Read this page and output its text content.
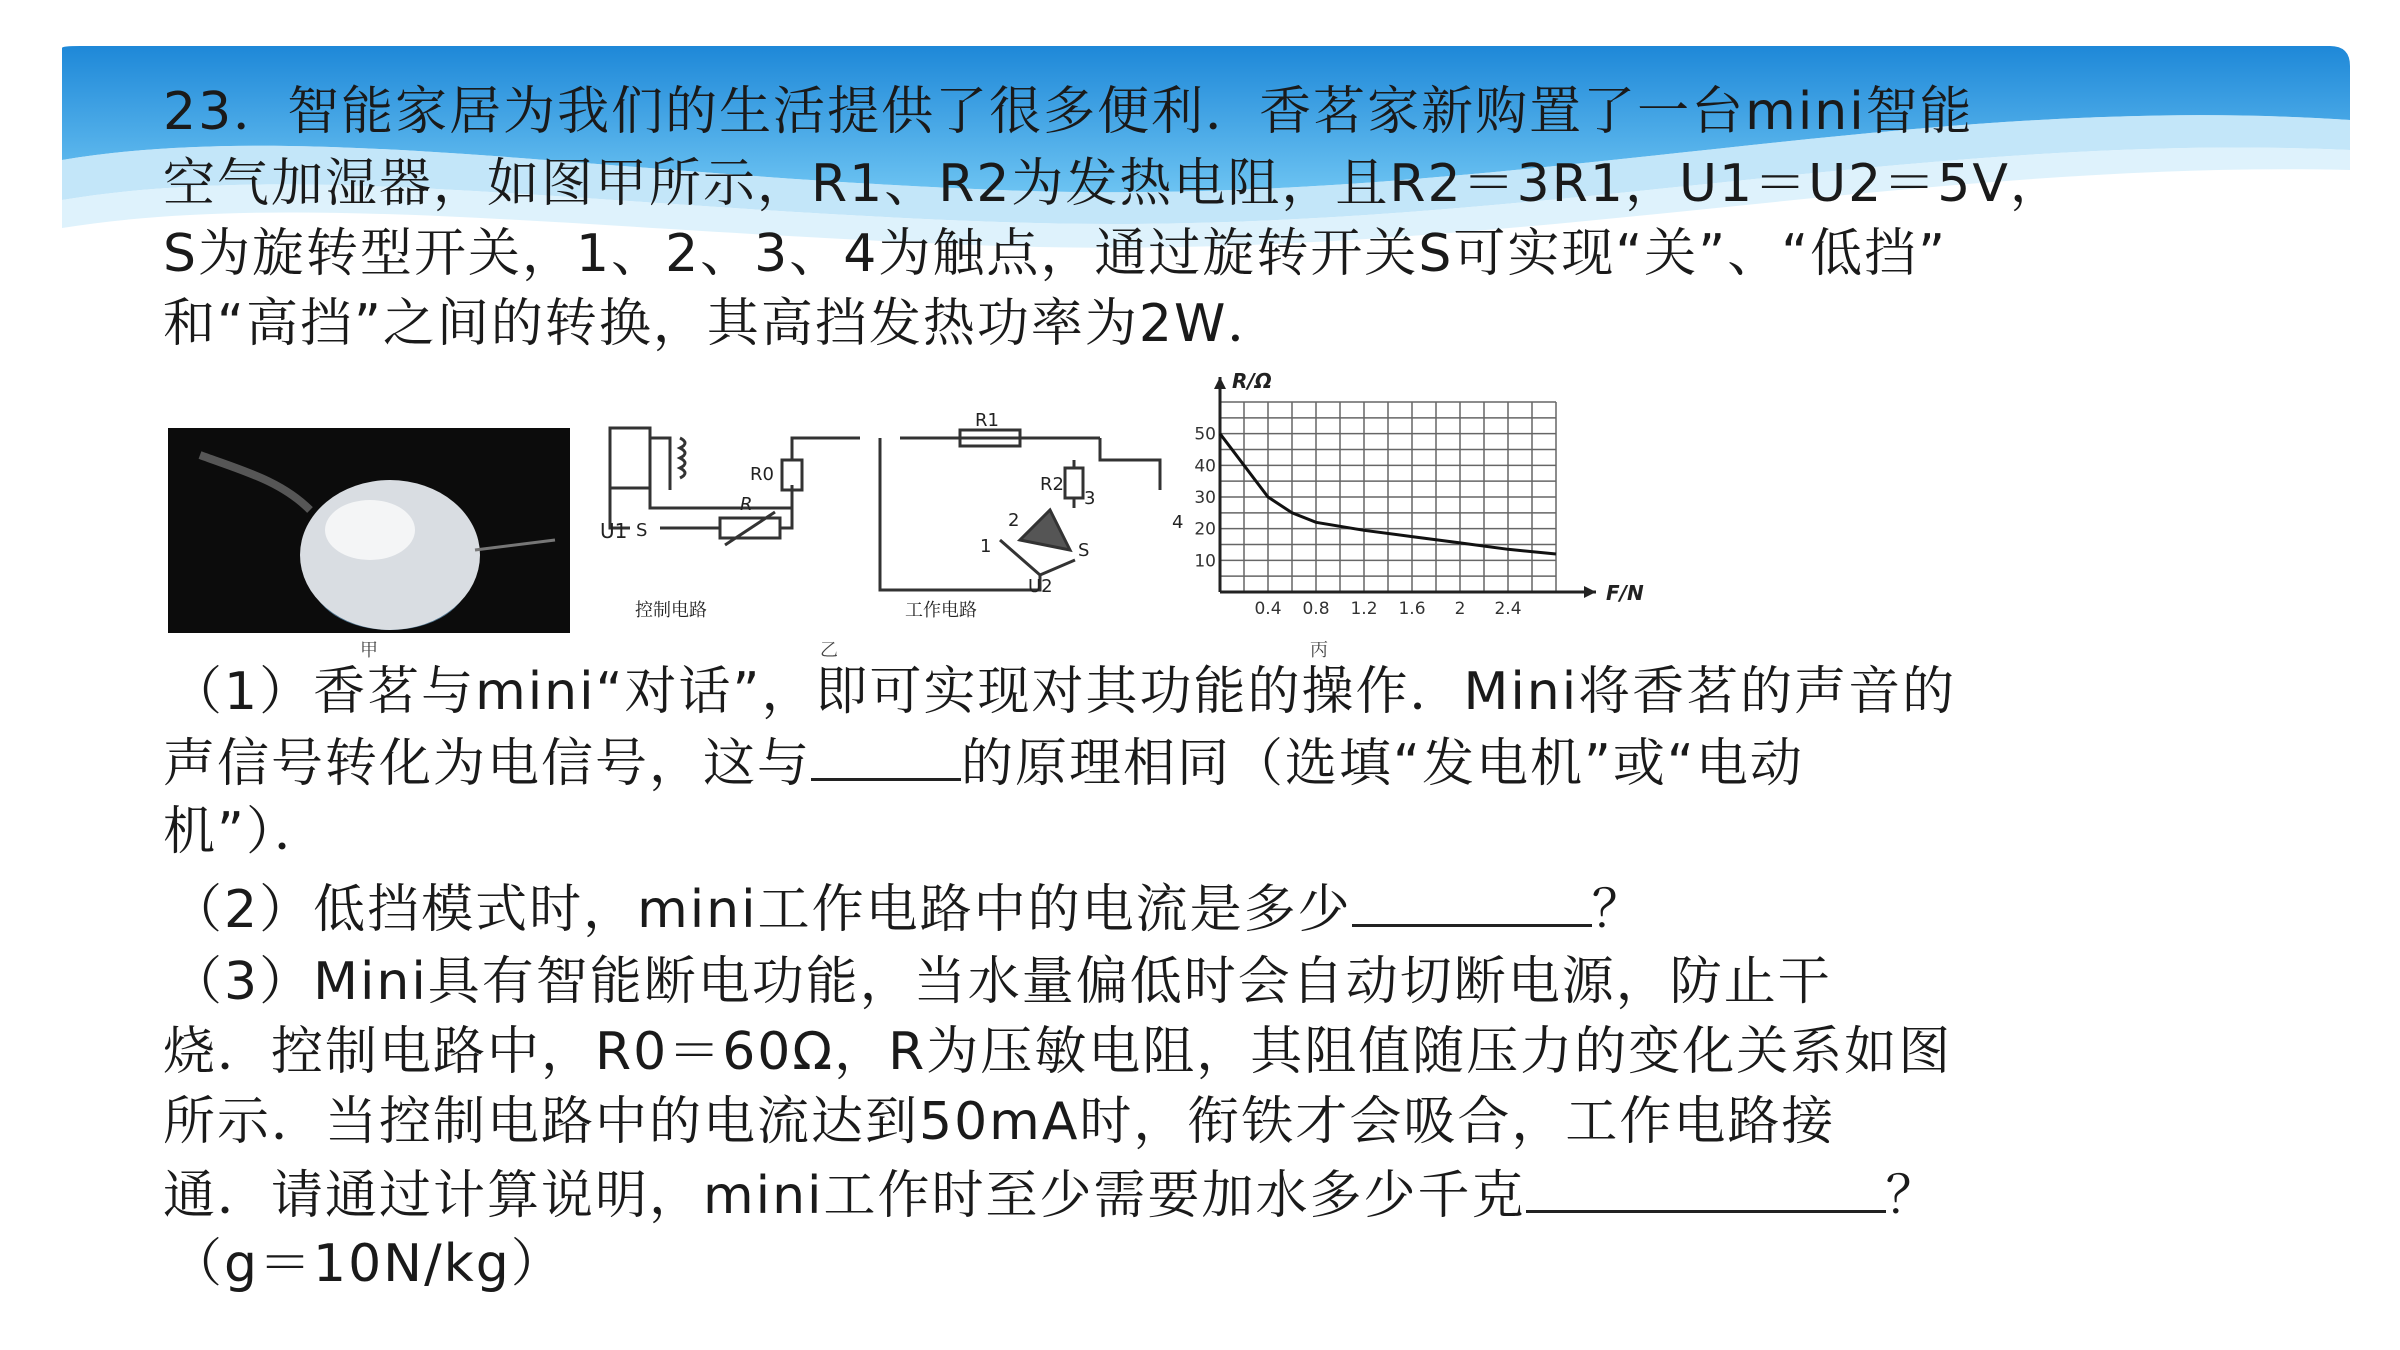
23．智能家居为我们的生活提供了很多便利．香茗家新购置了一台mini智能
空气加湿器，如图甲所示，R1、R2为发热电阻，且R2＝3R1，U1＝U2＝5V，
S为旋转型开关，1、2、3、4为触点，通过旋转开关S可实现“关”、“低挡”
和“高挡”之间的转换，其高挡发热功率为2W．
甲
U1 S
R
R0
R1
R2
U2
1
2
3
4
S
控制电路	工作电路
乙
0.4 0.8 1.2 1.6 2 2.4
10
20
30
40
50
F/N
R/Ω
丙
（1）香茗与mini“对话”，即可实现对其功能的操作．Mini将香茗的声音的
声信号转化为电信号，这与	的原理相同（选填“发电机”或“电动
机”）．
（2）低挡模式时，mini工作电路中的电流是多少	？
（3）Mini具有智能断电功能，当水量偏低时会自动切断电源，防止干
烧．控制电路中，R0＝60Ω，R为压敏电阻，其阻值随压力的变化关系如图
所示．当控制电路中的电流达到50mA时，衔铁才会吸合，工作电路接
通．请通过计算说明，mini工作时至少需要加水多少千克	？
（g＝10N/kg）
